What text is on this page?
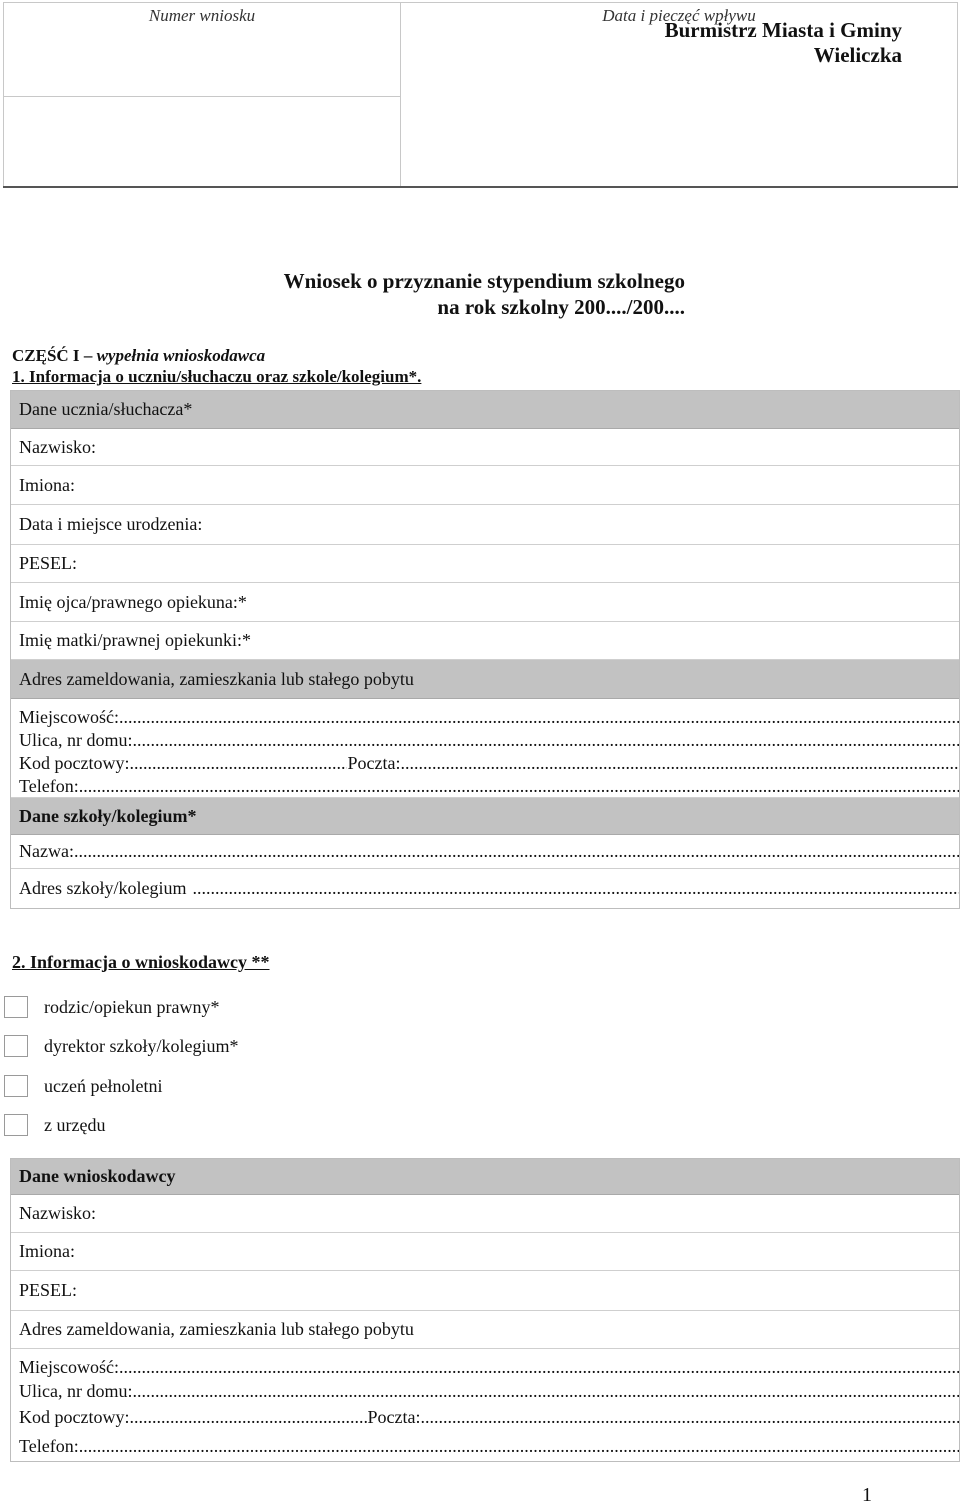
Numer wniosku	Data i pieczęć wpływu
Burmistrz Miasta i Gminy
Wieliczka
Wniosek o przyznanie stypendium szkolnego
na rok szkolny 200..../200....
CZĘŚĆ I – wypełnia wnioskodawca
1. Informacja o uczniu/słuchaczu oraz szkole/kolegium*.
Dane ucznia/słuchacza*
Nazwisko:
Imiona:
Data i miejsce urodzenia:
PESEL:
Imię ojca/prawnego opiekuna:*
Imię matki/prawnej opiekunki:*
Adres zameldowania, zamieszkania lub stałego pobytu
Miejscowość:
.....
Ulica, nr domu:
.....
Kod pocztowy: .....	Poczta:
.....
Telefon:
.....
Dane szkoły/kolegium*
Nazwa:
.....
Adres szkoły/kolegium
.....
2. Informacja o wnioskodawcy **
rodzic/opiekun prawny*
dyrektor szkoły/kolegium*
uczeń pełnoletni
z urzędu
Dane wnioskodawcy
Nazwisko:
Imiona:
PESEL:
Adres zameldowania, zamieszkania lub stałego pobytu
Miejscowość:
.....
Ulica, nr domu:
.....
Kod pocztowy: .....	Poczta:
.....
Telefon:
.....
1
